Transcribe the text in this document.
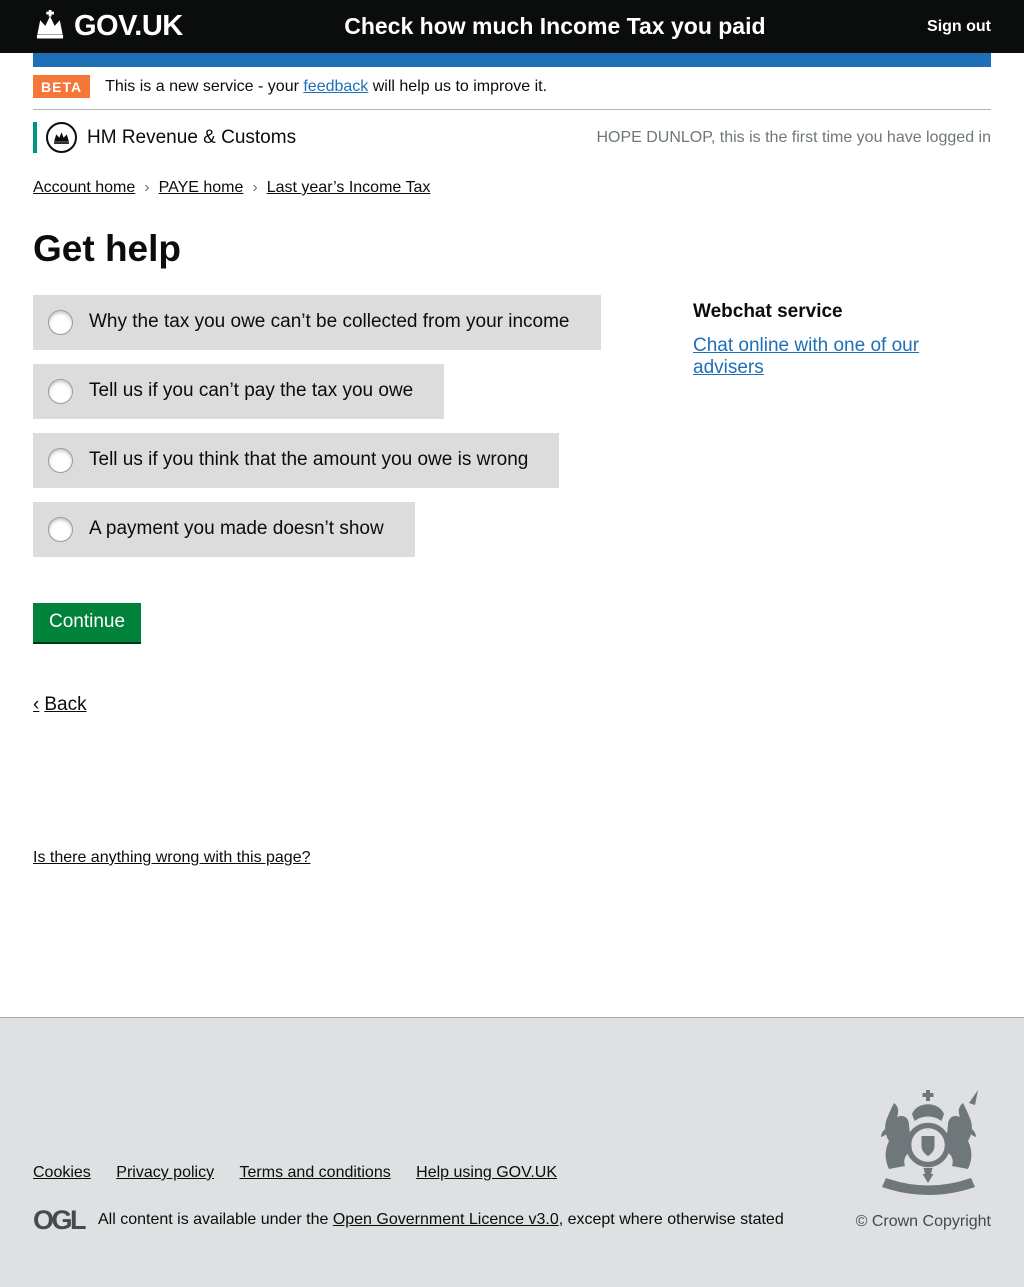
GOV.UK	Check how much Income Tax you paid	Sign out
BETA	This is a new service - your feedback will help us to improve it.
HM Revenue & Customs	HOPE DUNLOP, this is the first time you have logged in
Account home › PAYE home › Last year’s Income Tax
Get help
Why the tax you owe can’t be collected from your income
Tell us if you can’t pay the tax you owe
Tell us if you think that the amount you owe is wrong
A payment you made doesn’t show
Continue
‹ Back
Webchat service
Chat online with one of our advisers
Is there anything wrong with this page?
Cookies Privacy policy Terms and conditions Help using GOV.UK
OGL All content is available under the Open Government Licence v3.0, except where otherwise stated	© Crown Copyright
